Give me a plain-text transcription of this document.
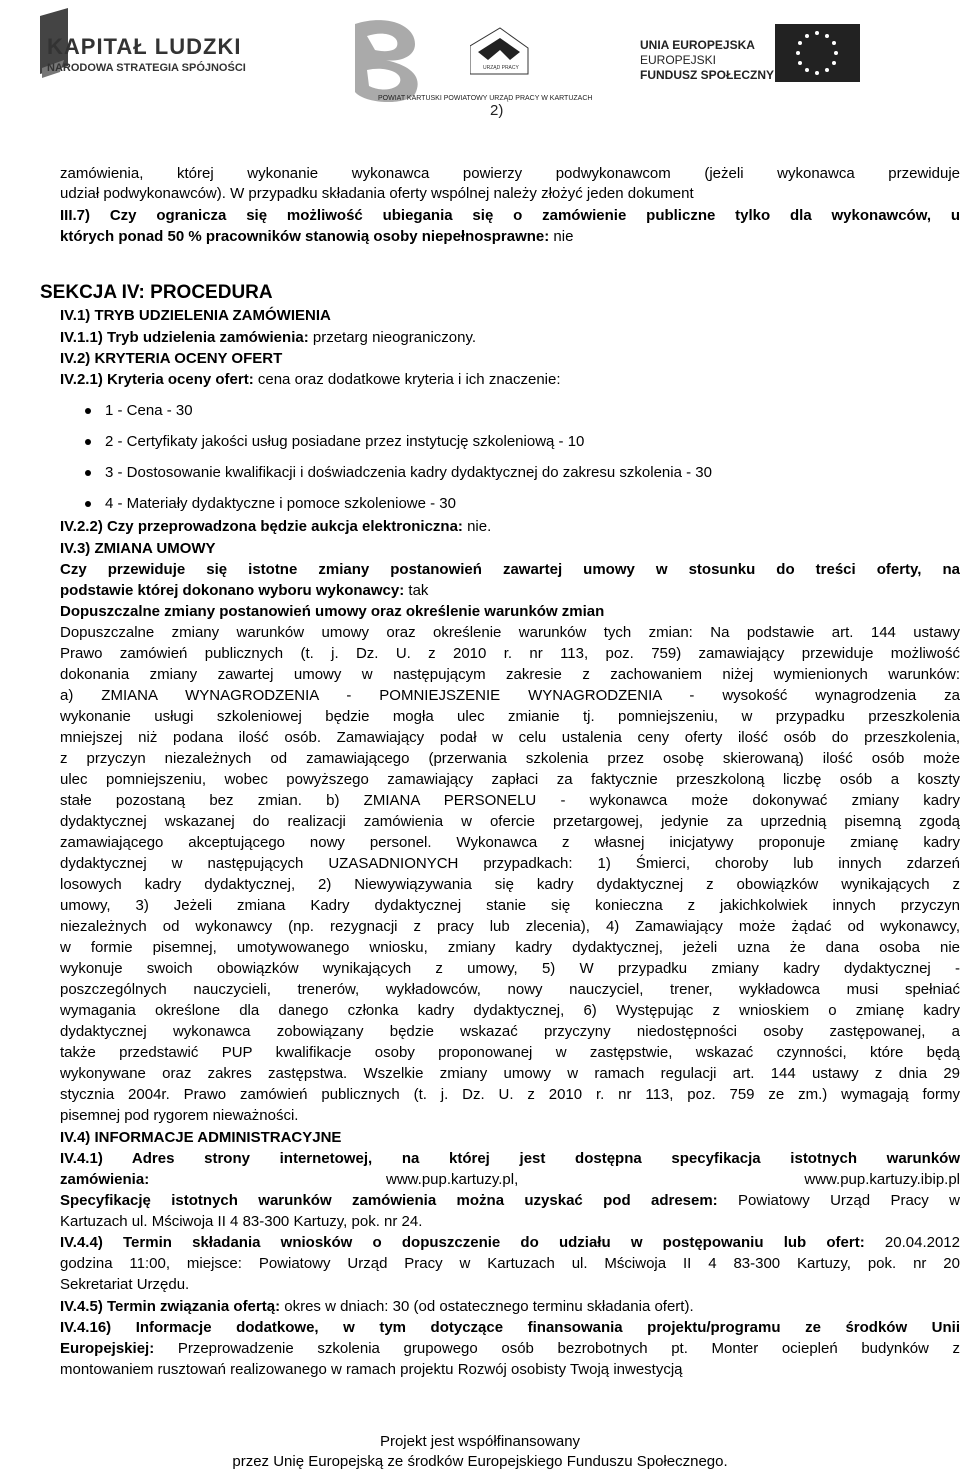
KAPITAŁ LUDZKI
NARODOWA STRATEGIA SPÓJNOŚCI	URZĄD PRACY
UNIA EUROPEJSKA
EUROPEJSKI
FUNDUSZ SPOŁECZNY
POWIAT KARTUSKI POWIATOWY URZĄD PRACY W KARTUZACH
2)
zamówienia, której wykonanie wykonawca powierzy podwykonawcom (jeżeli wykonawca przewiduje
udział podwykonawców). W przypadku składania oferty wspólnej należy złożyć jeden dokument
III.7) Czy ogranicza się możliwość ubiegania się o zamówienie publiczne tylko dla wykonawców, u
których ponad 50 % pracowników stanowią osoby niepełnosprawne: nie
SEKCJA IV: PROCEDURA
IV.1) TRYB UDZIELENIA ZAMÓWIENIA
IV.1.1) Tryb udzielenia zamówienia: przetarg nieograniczony.
IV.2) KRYTERIA OCENY OFERT
IV.2.1) Kryteria oceny ofert: cena oraz dodatkowe kryteria i ich znaczenie:
1 - Cena - 30
2 - Certyfikaty jakości usług posiadane przez instytucję szkoleniową - 10
3 - Dostosowanie kwalifikacji i doświadczenia kadry dydaktycznej do zakresu szkolenia - 30
4 - Materiały dydaktyczne i pomoce szkoleniowe - 30
IV.2.2) Czy przeprowadzona będzie aukcja elektroniczna: nie.
IV.3) ZMIANA UMOWY
Czy przewiduje się istotne zmiany postanowień zawartej umowy w stosunku do treści oferty, na
podstawie której dokonano wyboru wykonawcy: tak
Dopuszczalne zmiany postanowień umowy oraz określenie warunków zmian
Dopuszczalne zmiany warunków umowy oraz określenie warunków tych zmian: Na podstawie art. 144 ustawy
Prawo zamówień publicznych (t. j. Dz. U. z 2010 r. nr 113, poz. 759) zamawiający przewiduje możliwość
dokonania zmiany zawartej umowy w następującym zakresie z zachowaniem niżej wymienionych warunków:
a) ZMIANA WYNAGRODZENIA - POMNIEJSZENIE WYNAGRODZENIA - wysokość wynagrodzenia za
wykonanie usługi szkoleniowej będzie mogła ulec zmianie tj. pomniejszeniu, w przypadku przeszkolenia
mniejszej niż podana ilość osób. Zamawiający podał w celu ustalenia ceny oferty ilość osób do przeszkolenia,
z przyczyn niezależnych od zamawiającego (przerwania szkolenia przez osobę skierowaną) ilość osób może
ulec pomniejszeniu, wobec powyższego zamawiający zapłaci za faktycznie przeszkoloną liczbę osób a koszty
stałe pozostaną bez zmian. b) ZMIANA PERSONELU - wykonawca może dokonywać zmiany kadry
dydaktycznej wskazanej do realizacji zamówienia w ofercie przetargowej, jedynie za uprzednią pisemną zgodą
zamawiającego akceptującego nowy personel. Wykonawca z własnej inicjatywy proponuje zmianę kadry
dydaktycznej w następujących UZASADNIONYCH przypadkach: 1) Śmierci, choroby lub innych zdarzeń
losowych kadry dydaktycznej, 2) Niewywiązywania się kadry dydaktycznej z obowiązków wynikających z
umowy, 3) Jeżeli zmiana Kadry dydaktycznej stanie się konieczna z jakichkolwiek innych przyczyn
niezależnych od wykonawcy (np. rezygnacji z pracy lub zlecenia), 4) Zamawiający może żądać od wykonawcy,
w formie pisemnej, umotywowanego wniosku, zmiany kadry dydaktycznej, jeżeli uzna że dana osoba nie
wykonuje swoich obowiązków wynikających z umowy, 5) W przypadku zmiany kadry dydaktycznej -
poszczególnych nauczycieli, trenerów, wykładowców, nowy nauczyciel, trener, wykładowca musi spełniać
wymagania określone dla danego członka kadry dydaktycznej, 6) Występując z wnioskiem o zmianę kadry
dydaktycznej wykonawca zobowiązany będzie wskazać przyczyny niedostępności osoby zastępowanej, a
także przedstawić PUP kwalifikacje osoby proponowanej w zastępstwie, wskazać czynności, które będą
wykonywane oraz zakres zastępstwa. Wszelkie zmiany umowy w ramach regulacji art. 144 ustawy z dnia 29
stycznia 2004r. Prawo zamówień publicznych (t. j. Dz. U. z 2010 r. nr 113, poz. 759 ze zm.) wymagają formy
pisemnej pod rygorem nieważności.
IV.4) INFORMACJE ADMINISTRACYJNE
IV.4.1) Adres strony internetowej, na której jest dostępna specyfikacja istotnych warunków
zamówienia:	www.pup.kartuzy.pl,	www.pup.kartuzy.ibip.pl
Specyfikację istotnych warunków zamówienia można uzyskać pod adresem: Powiatowy Urząd Pracy w
Kartuzach ul. Mściwoja II 4 83-300 Kartuzy, pok. nr 24.
IV.4.4) Termin składania wniosków o dopuszczenie do udziału w postępowaniu lub ofert: 20.04.2012
godzina 11:00, miejsce: Powiatowy Urząd Pracy w Kartuzach ul. Mściwoja II 4 83-300 Kartuzy, pok. nr 20
Sekretariat Urzędu.
IV.4.5) Termin związania ofertą: okres w dniach: 30 (od ostatecznego terminu składania ofert).
IV.4.16) Informacje dodatkowe, w tym dotyczące finansowania projektu/programu ze środków Unii
Europejskiej: Przeprowadzenie szkolenia grupowego osób bezrobotnych pt. Monter ociepleń budynków z
montowaniem rusztowań realizowanego w ramach projektu Rozwój osobisty Twoją inwestycją
Projekt jest współfinansowany
przez Unię Europejską ze środków Europejskiego Funduszu Społecznego.
